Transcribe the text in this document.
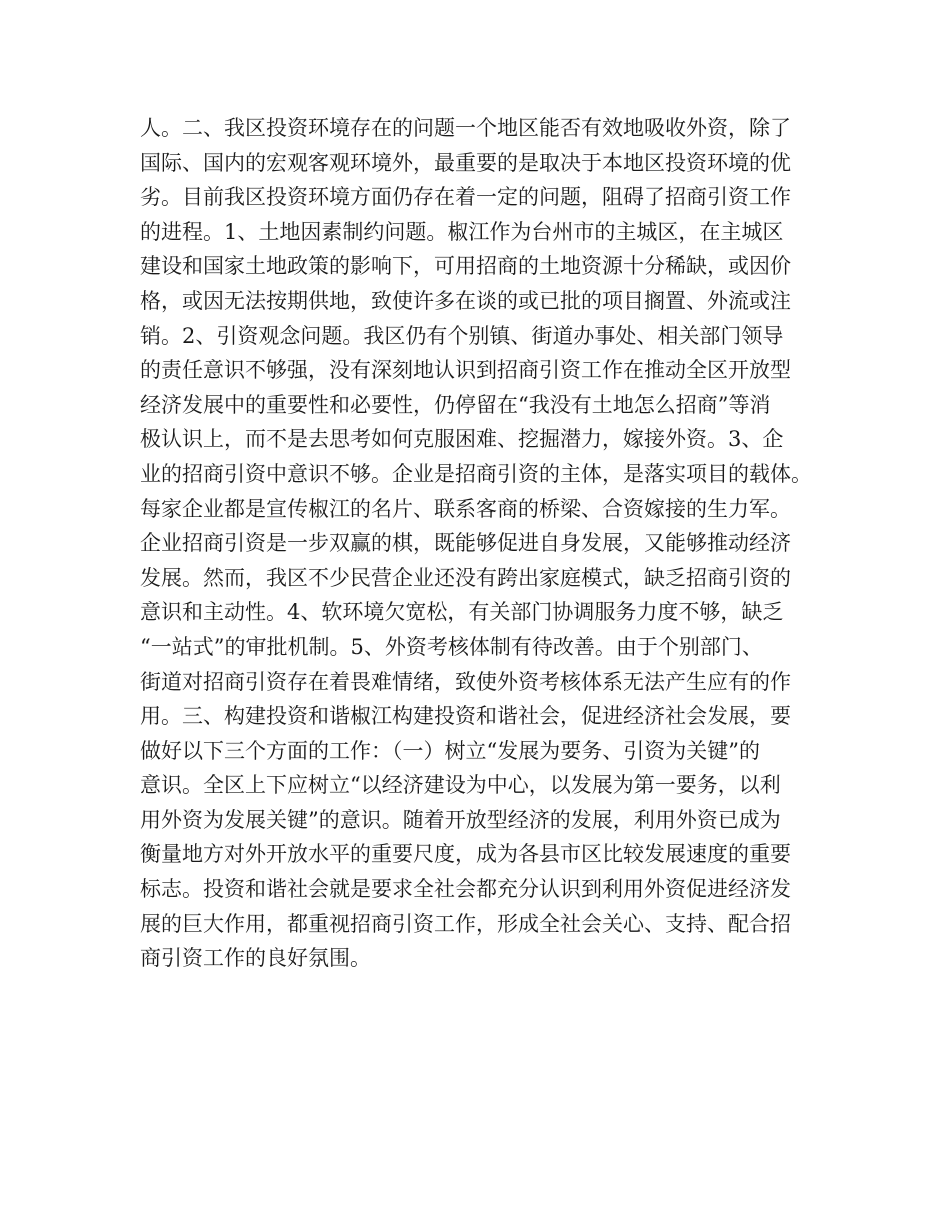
人。二、我区投资环境存在的问题一个地区能否有效地吸收外资，除了
国际、国内的宏观客观环境外，最重要的是取决于本地区投资环境的优
劣。目前我区投资环境方面仍存在着一定的问题，阻碍了招商引资工作
的进程。1、土地因素制约问题。椒江作为台州市的主城区，在主城区
建设和国家土地政策的影响下，可用招商的土地资源十分稀缺，或因价
格，或因无法按期供地，致使许多在谈的或已批的项目搁置、外流或注
销。2、引资观念问题。我区仍有个别镇、街道办事处、相关部门领导
的责任意识不够强，没有深刻地认识到招商引资工作在推动全区开放型
经济发展中的重要性和必要性，仍停留在“我没有土地怎么招商”等消
极认识上，而不是去思考如何克服困难、挖掘潜力，嫁接外资。3、企
业的招商引资中意识不够。企业是招商引资的主体，是落实项目的载体。
每家企业都是宣传椒江的名片、联系客商的桥梁、合资嫁接的生力军。
企业招商引资是一步双赢的棋，既能够促进自身发展，又能够推动经济
发展。然而，我区不少民营企业还没有跨出家庭模式，缺乏招商引资的
意识和主动性。4、软环境欠宽松，有关部门协调服务力度不够，缺乏
“一站式”的审批机制。5、外资考核体制有待改善。由于个别部门、
街道对招商引资存在着畏难情绪，致使外资考核体系无法产生应有的作
用。三、构建投资和谐椒江构建投资和谐社会，促进经济社会发展，要
做好以下三个方面的工作：（一）树立“发展为要务、引资为关键”的
意识。全区上下应树立“以经济建设为中心，以发展为第一要务，以利
用外资为发展关键”的意识。随着开放型经济的发展，利用外资已成为
衡量地方对外开放水平的重要尺度，成为各县市区比较发展速度的重要
标志。投资和谐社会就是要求全社会都充分认识到利用外资促进经济发
展的巨大作用，都重视招商引资工作，形成全社会关心、支持、配合招
商引资工作的良好氛围。
